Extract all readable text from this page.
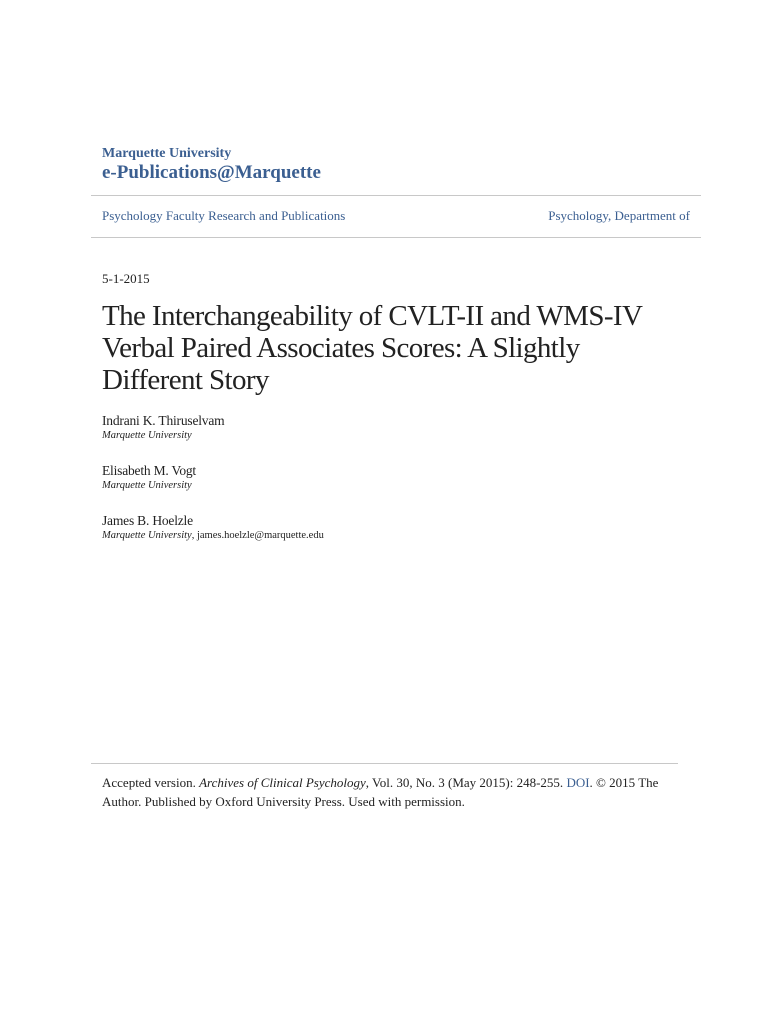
Marquette University
e-Publications@Marquette
Psychology Faculty Research and Publications	Psychology, Department of
5-1-2015
The Interchangeability of CVLT-II and WMS-IV Verbal Paired Associates Scores: A Slightly Different Story
Indrani K. Thiruselvam
Marquette University
Elisabeth M. Vogt
Marquette University
James B. Hoelzle
Marquette University, james.hoelzle@marquette.edu
Accepted version. Archives of Clinical Psychology, Vol. 30, No. 3 (May 2015): 248-255. DOI. © 2015 The Author. Published by Oxford University Press. Used with permission.
